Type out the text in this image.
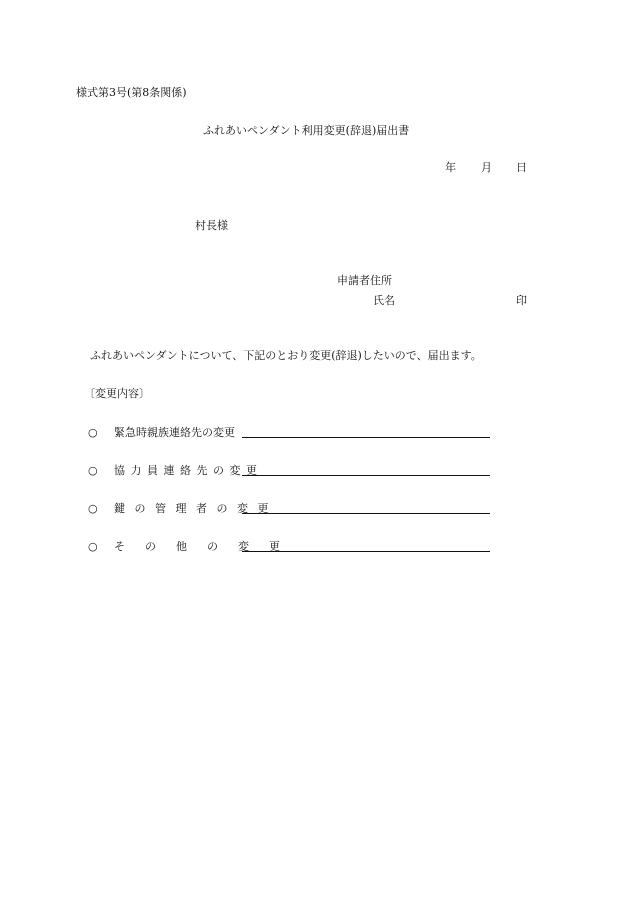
様式第3号(第8条関係)
ふれあいペンダント利用変更(辞退)届出書
年 月 日
村長様
申請者住所
氏名	印
ふれあいペンダントについて、下記のとおり変更(辞退)したいので、届出ます。
〔変更内容〕
○	緊急時親族連絡先の変更
○	協力員連絡先の変更
○	鍵の管理者の変更
○	その他の変更
